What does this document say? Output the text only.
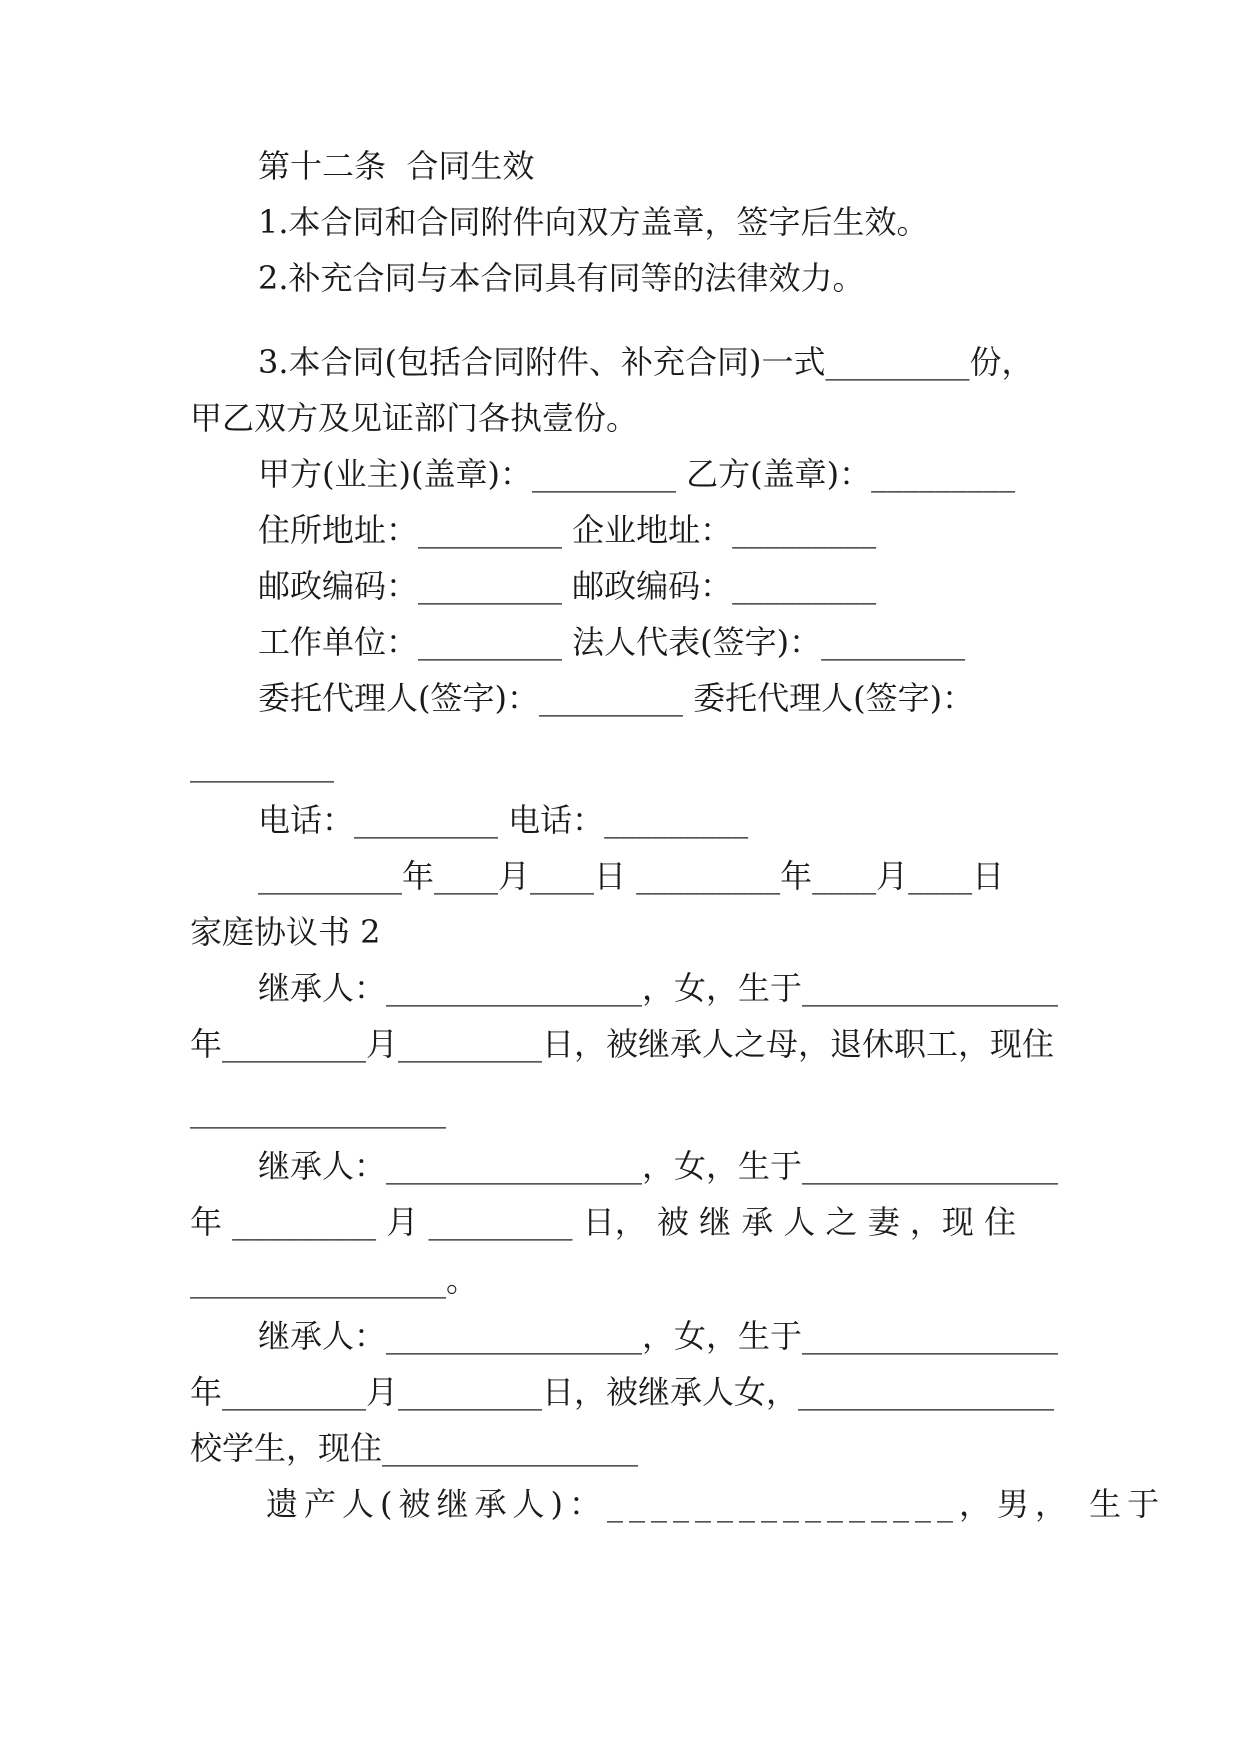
第十二条  合同生效
1.本合同和合同附件向双方盖章，签字后生效。
2.补充合同与本合同具有同等的法律效力。
3.本合同(包括合同附件、补充合同)一式_________份，
甲乙双方及见证部门各执壹份。
甲方(业主)(盖章)：_________ 乙方(盖章)：_________
住所地址：_________ 企业地址：_________
邮政编码：_________ 邮政编码：_________
工作单位：_________ 法人代表(签字)：_________
委托代理人(签字)：_________ 委托代理人(签字)：
_________
电话：_________ 电话：_________
_________年____月____日 _________年____月____日
家庭协议书 2
继承人：________________，女，生于________________
年_________月_________日，被继承人之母，退休职工，现住
________________
继承人：________________，女，生于________________
年 _________ 月 _________ 日， 被 继 承 人 之 妻 ，现 住
________________。
继承人：________________，女，生于________________
年_________月_________日，被继承人女，________________
校学生，现住________________
遗产人(被继承人)：________________，男， 生于
